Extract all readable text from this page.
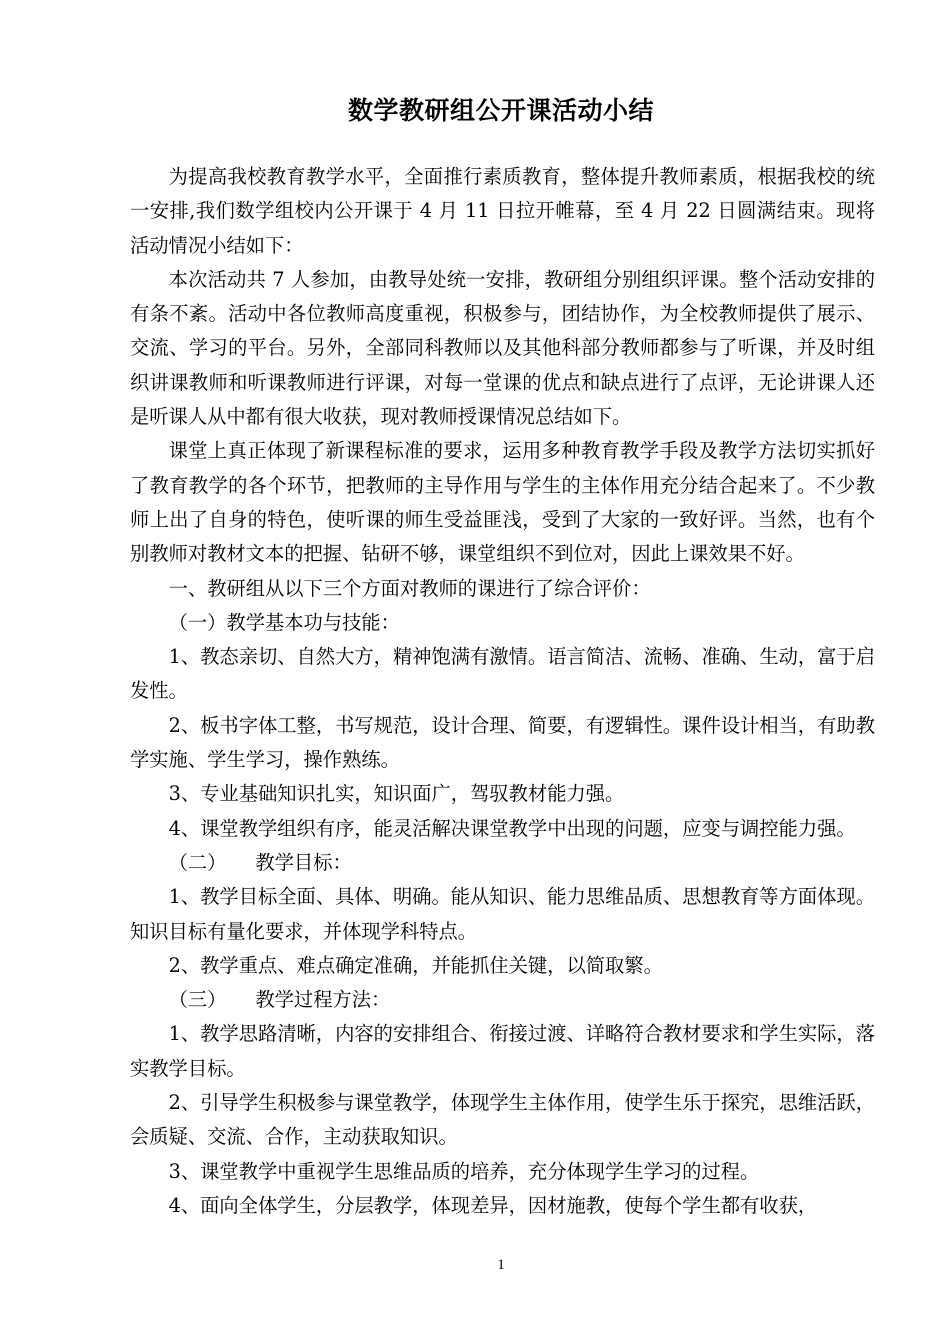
数学教研组公开课活动小结

为提高我校教育教学水平，全面推行素质教育，整体提升教师素质，根据我校的统一安排,我们数学组校内公开课于 4 月 11 日拉开帷幕，至 4 月 22 日圆满结束。现将活动情况小结如下：

本次活动共 7 人参加，由教导处统一安排，教研组分别组织评课。整个活动安排的有条不紊。活动中各位教师高度重视，积极参与，团结协作，为全校教师提供了展示、交流、学习的平台。另外，全部同科教师以及其他科部分教师都参与了听课，并及时组织讲课教师和听课教师进行评课，对每一堂课的优点和缺点进行了点评，无论讲课人还是听课人从中都有很大收获，现对教师授课情况总结如下。

课堂上真正体现了新课程标准的要求，运用多种教育教学手段及教学方法切实抓好了教育教学的各个环节，把教师的主导作用与学生的主体作用充分结合起来了。不少教师上出了自身的特色，使听课的师生受益匪浅，受到了大家的一致好评。当然，也有个别教师对教材文本的把握、钻研不够，课堂组织不到位对，因此上课效果不好。

一、教研组从以下三个方面对教师的课进行了综合评价：

（一）教学基本功与技能：

1、教态亲切、自然大方，精神饱满有激情。语言简洁、流畅、准确、生动，富于启发性。

2、板书字体工整，书写规范，设计合理、简要，有逻辑性。课件设计相当，有助教学实施、学生学习，操作熟练。

3、专业基础知识扎实，知识面广，驾驭教材能力强。

4、课堂教学组织有序，能灵活解决课堂教学中出现的问题，应变与调控能力强。

（二）　　教学目标：

1、教学目标全面、具体、明确。能从知识、能力思维品质、思想教育等方面体现。知识目标有量化要求，并体现学科特点。

2、教学重点、难点确定准确，并能抓住关键，以简取繁。

（三）　　教学过程方法：

1、教学思路清晰，内容的安排组合、衔接过渡、详略符合教材要求和学生实际，落实教学目标。

2、引导学生积极参与课堂教学，体现学生主体作用，使学生乐于探究，思维活跃，会质疑、交流、合作，主动获取知识。

3、课堂教学中重视学生思维品质的培养，充分体现学生学习的过程。

4、面向全体学生，分层教学，体现差异，因材施教，使每个学生都有收获，

1
